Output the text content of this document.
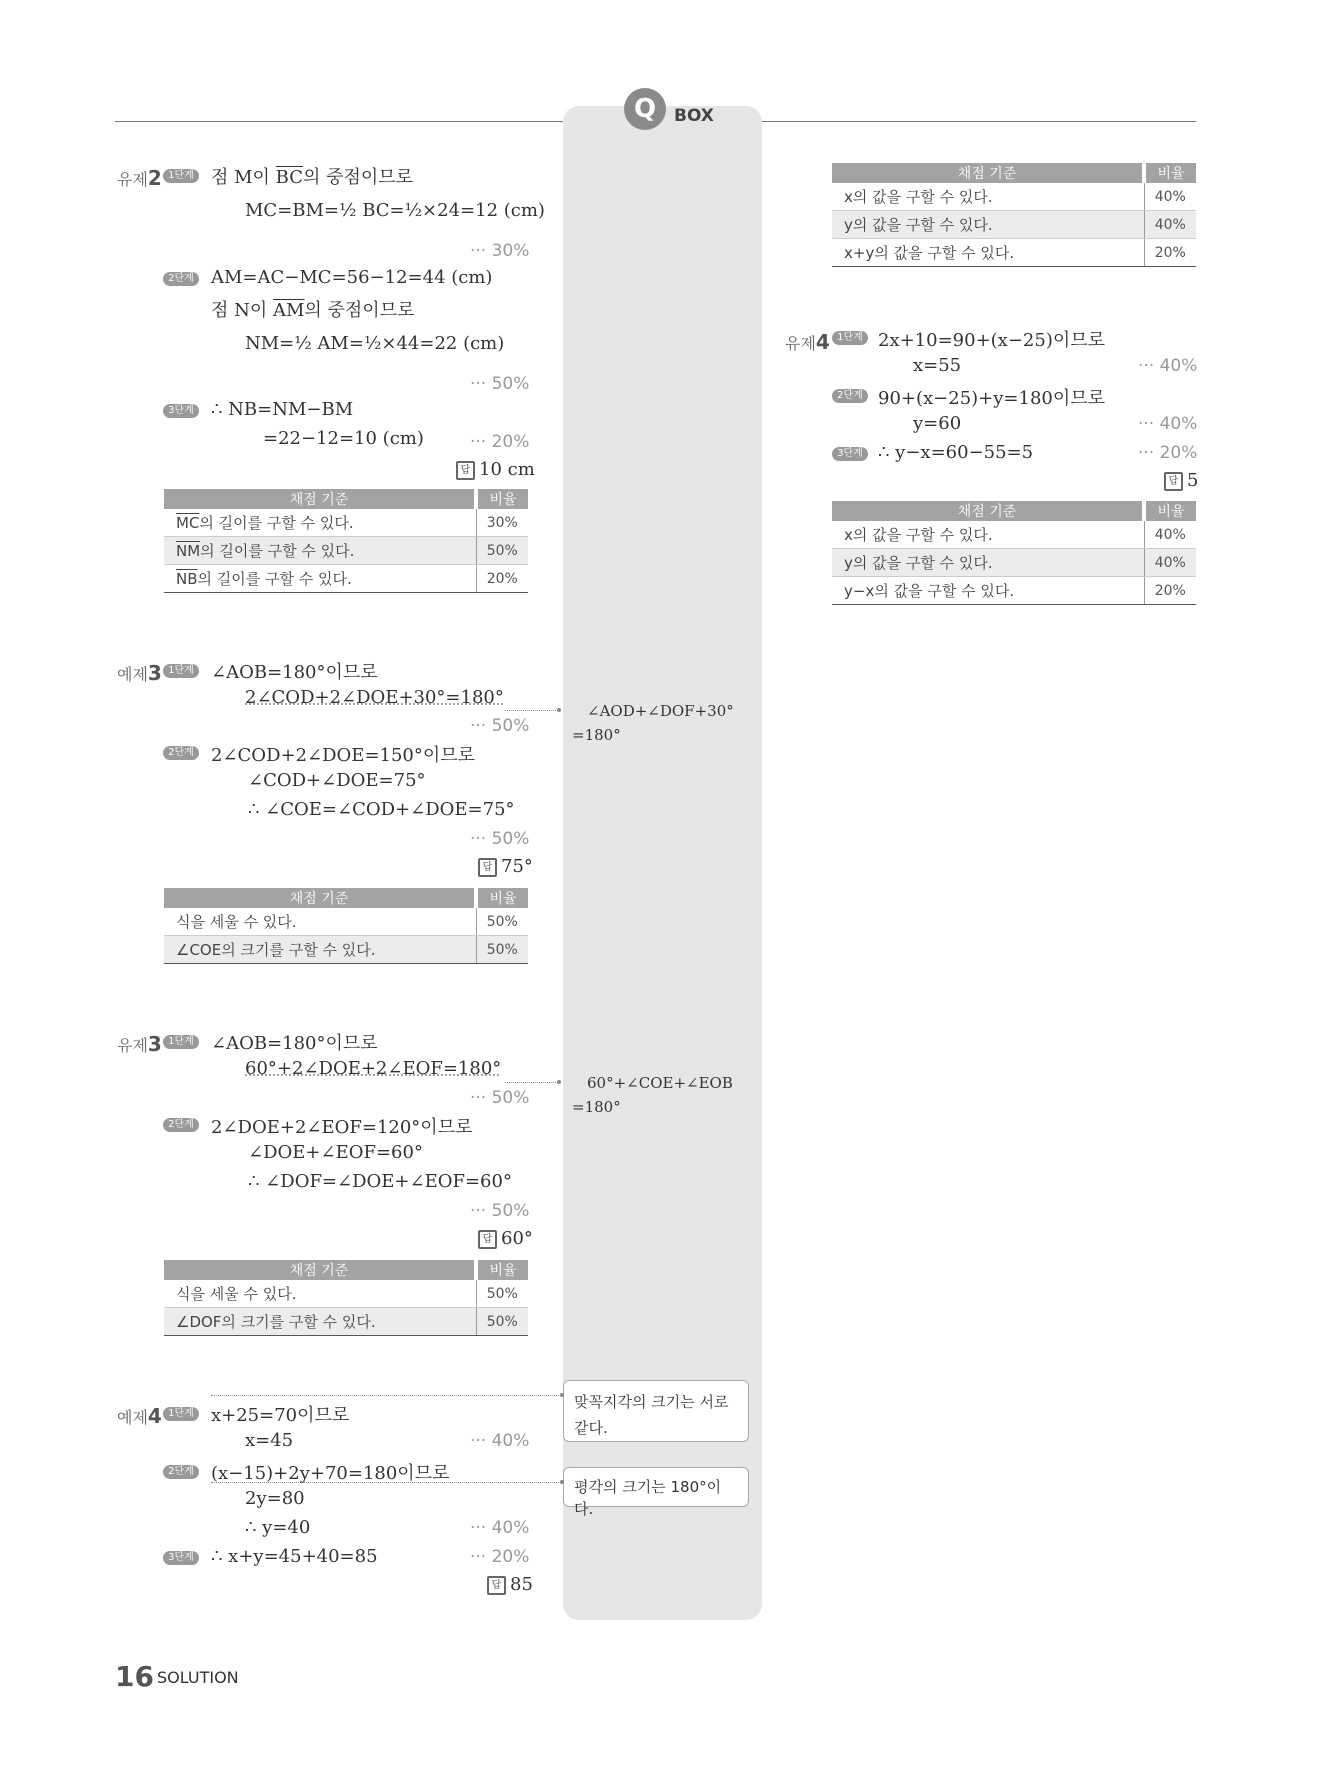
Q	BOX
유제2 1단계 점 M이 $\overline{BC}$의 중점이므로
MC=BM=½ BC=½×24=12 (cm)
··· 30%
2단계 AM=AC−MC=56−12=44 (cm)
점 N이 $\overline{AM}$의 중점이므로
NM=½ AM=½×44=22 (cm)
··· 50%
3단계 ∴ NB=NM−BM
=22−12=10 (cm)	··· 20%
답 10 cm
채점 기준	비율
$\overline{MC}$의 길이를 구할 수 있다.	30%
$\overline{NM}$의 길이를 구할 수 있다.	50%
$\overline{NB}$의 길이를 구할 수 있다.	20%
예제3 1단계 ∠AOB=180°이므로
2∠COD+2∠DOE+30°=180°
··· 50%
∠AOD+∠DOF+30°
=180°
2단계 2∠COD+2∠DOE=150°이므로
∠COD+∠DOE=75°
∴ ∠COE=∠COD+∠DOE=75°
··· 50%
답 75°
채점 기준	비율
식을 세울 수 있다.	50%
∠COE의 크기를 구할 수 있다.	50%
유제3 1단계 ∠AOB=180°이므로
60°+2∠DOE+2∠EOF=180°
··· 50%
60°+∠COE+∠EOB
=180°
2단계 2∠DOE+2∠EOF=120°이므로
∠DOE+∠EOF=60°
∴ ∠DOF=∠DOE+∠EOF=60°
··· 50%
답 60°
채점 기준	비율
식을 세울 수 있다.	50%
∠DOF의 크기를 구할 수 있다.	50%
맞꼭지각의 크기는 서로 같다.
예제4 1단계 x+25=70이므로
x=45	··· 40%
평각의 크기는 180°이다.
2단계 (x−15)+2y+70=180이므로
2y=80
∴ y=40	··· 40%
3단계 ∴ x+y=45+40=85	··· 20%
답 85
채점 기준	비율
x의 값을 구할 수 있다.	40%
y의 값을 구할 수 있다.	40%
x+y의 값을 구할 수 있다.	20%
유제4 1단계 2x+10=90+(x−25)이므로
x=55	··· 40%
2단계 90+(x−25)+y=180이므로
y=60	··· 40%
3단계 ∴ y−x=60−55=5	··· 20%
답 5
채점 기준	비율
x의 값을 구할 수 있다.	40%
y의 값을 구할 수 있다.	40%
y−x의 값을 구할 수 있다.	20%
16 SOLUTION
